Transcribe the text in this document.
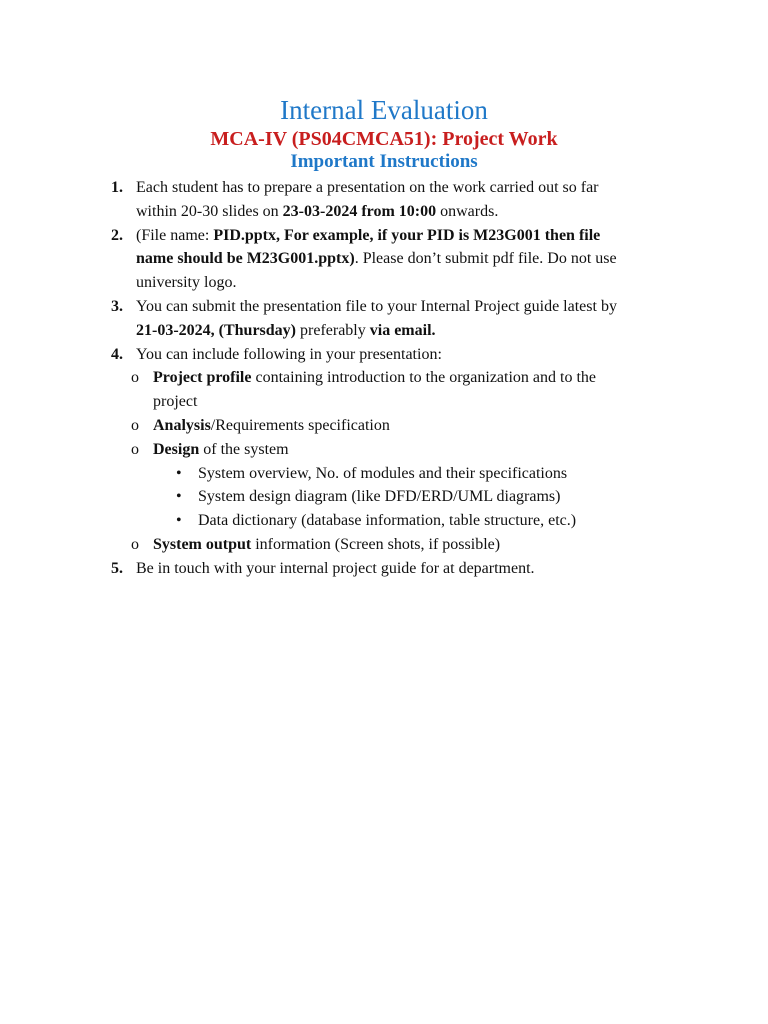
Internal Evaluation
MCA-IV (PS04CMCA51): Project Work
Important Instructions
1. Each student has to prepare a presentation on the work carried out so far
within 20-30 slides on 23-03-2024 from 10:00 onwards.
2. (File name: PID.pptx, For example, if your PID is M23G001 then file
name should be M23G001.pptx). Please don’t submit pdf file. Do not use
university logo.
3. You can submit the presentation file to your Internal Project guide latest by
21-03-2024, (Thursday) preferably via email.
4. You can include following in your presentation:
o Project profile containing introduction to the organization and to the
project
o Analysis/Requirements specification
o Design of the system
• System overview, No. of modules and their specifications
• System design diagram (like DFD/ERD/UML diagrams)
• Data dictionary (database information, table structure, etc.)
o System output information (Screen shots, if possible)
5. Be in touch with your internal project guide for at department.
